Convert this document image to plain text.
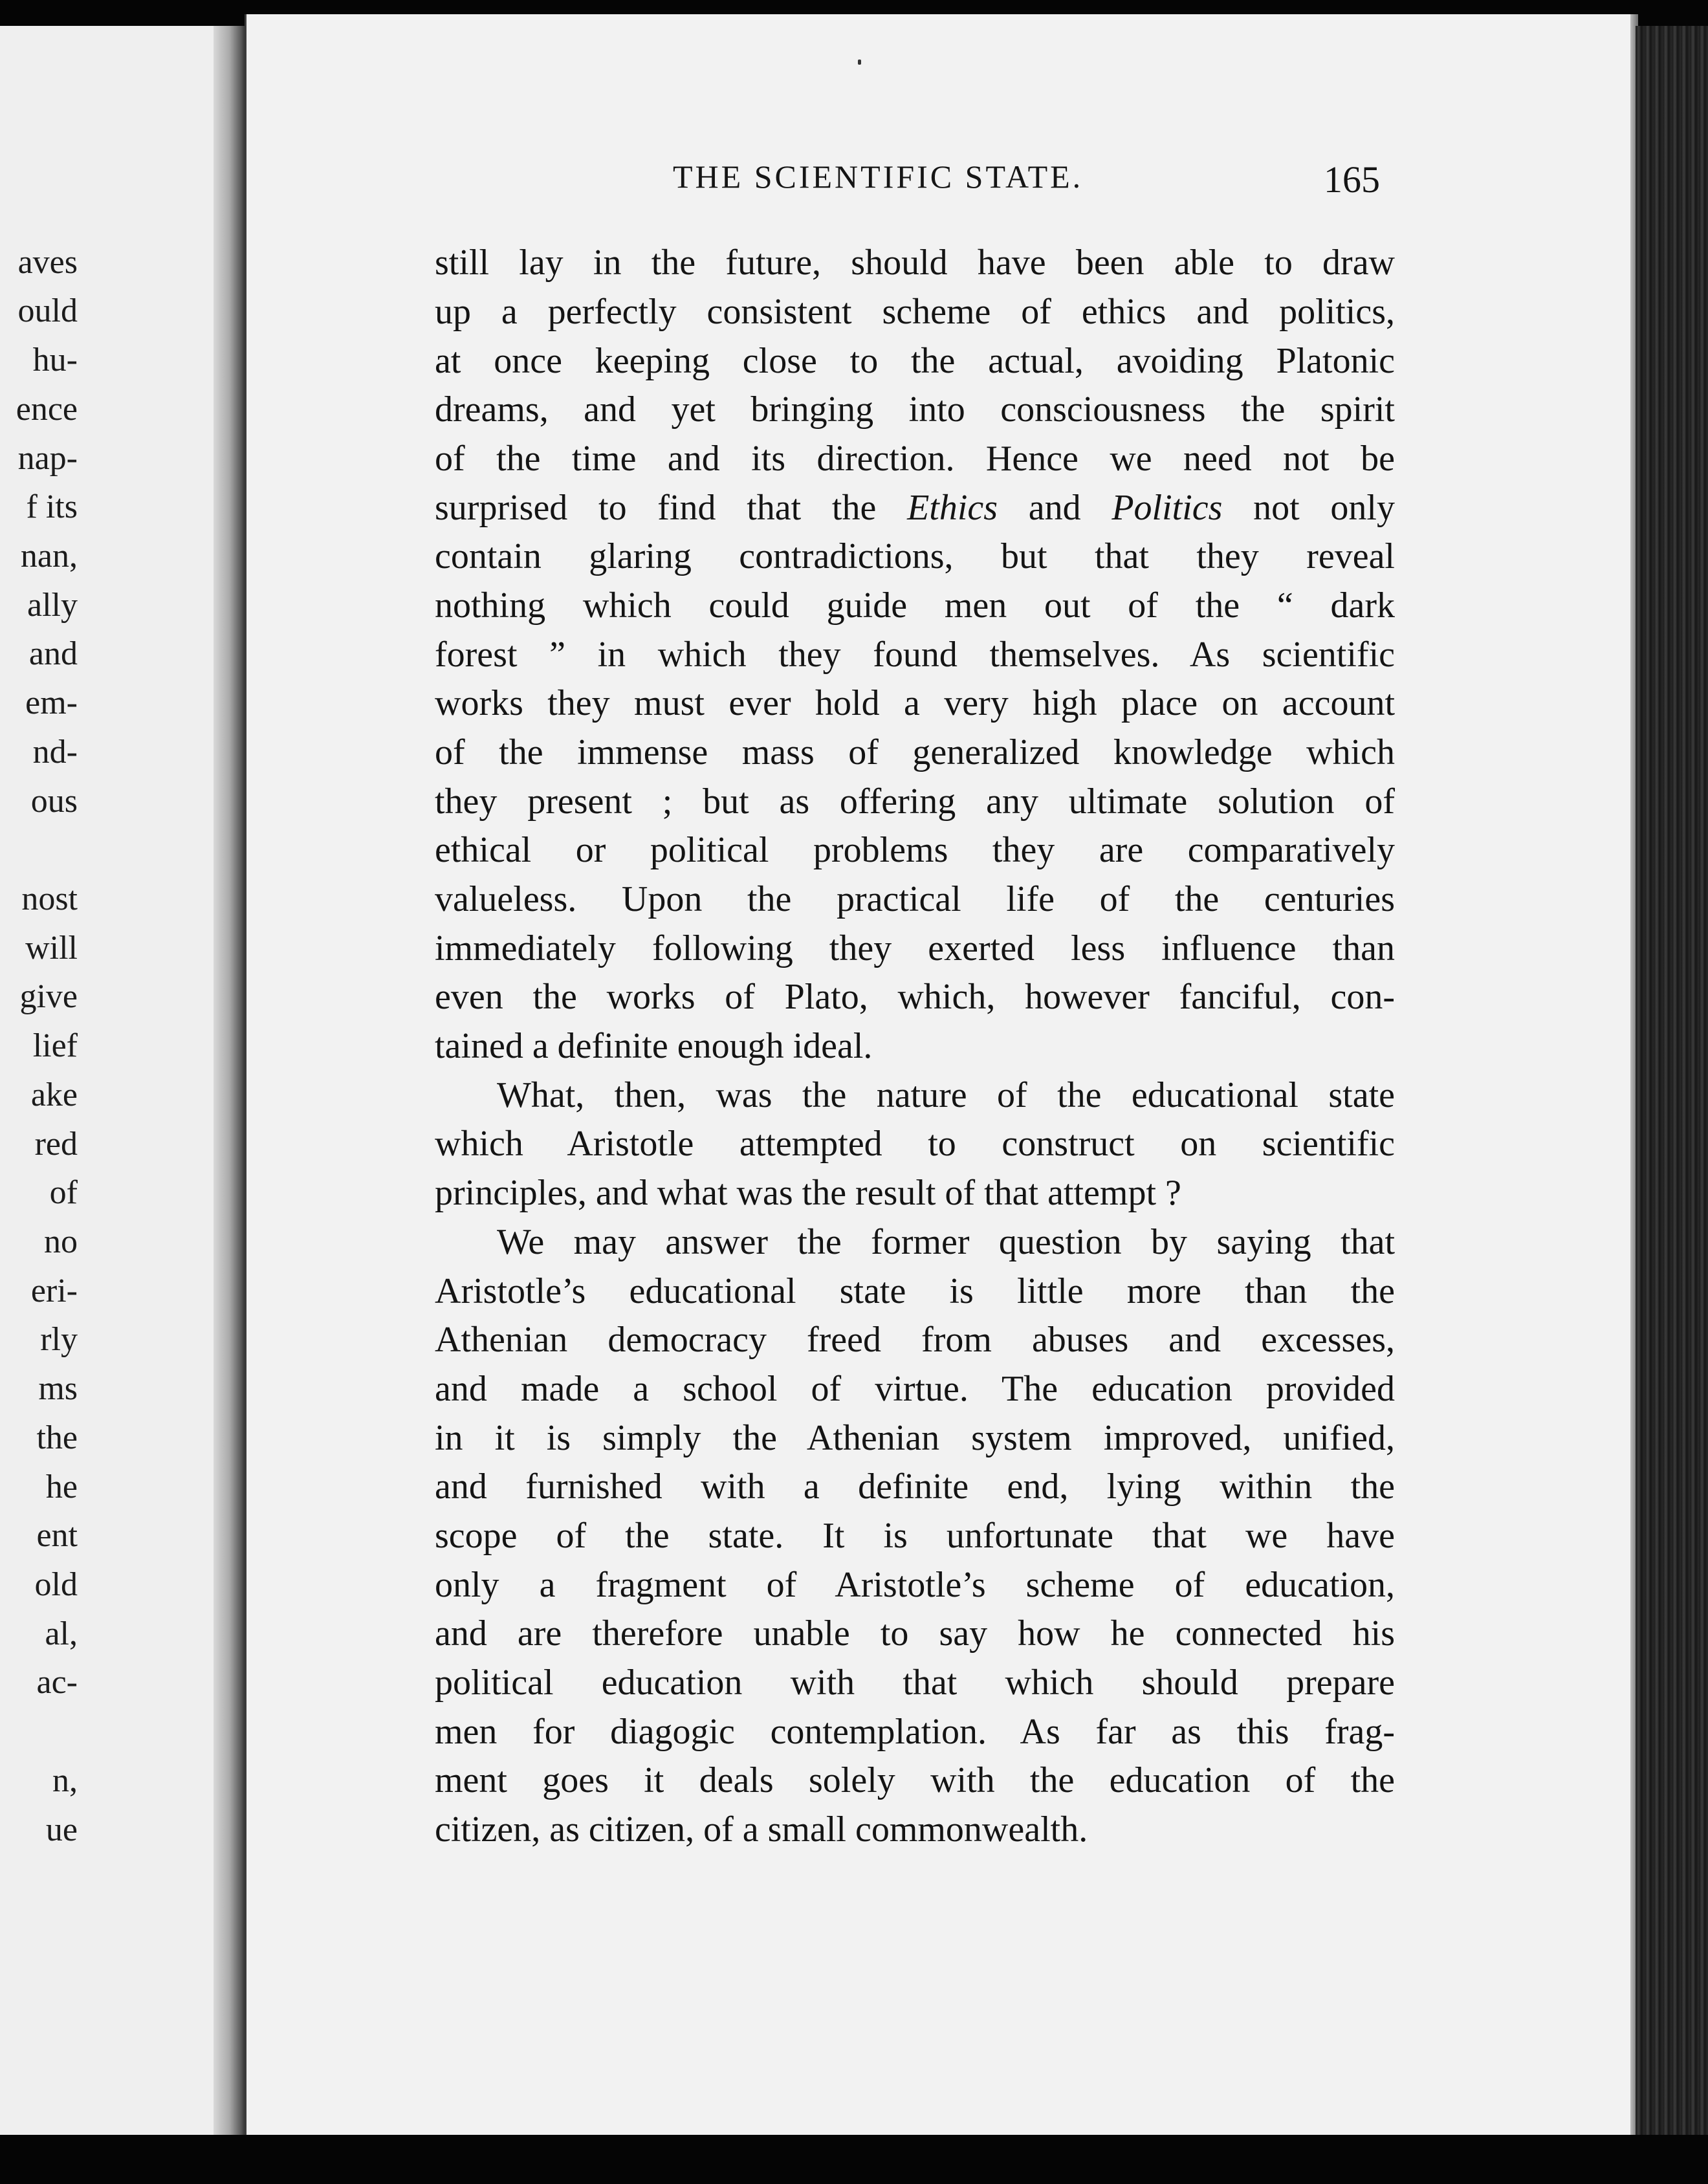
aves
ould
hu-
ence
nap-
f its
nan,
ally
and
em-
nd-
ous
nost
will
give
lief
ake
red
of
no
eri-
rly
ms
the
he
ent
old
al,
ac-
n,
ue
THE SCIENTIFIC STATE.	165
still lay in the future, should have been able to draw
up a perfectly consistent scheme of ethics and politics,
at once keeping close to the actual, avoiding Platonic
dreams, and yet bringing into consciousness the spirit
of the time and its direction. Hence we need not be
surprised to find that the Ethics and Politics not only
contain glaring contradictions, but that they reveal
nothing which could guide men out of the “ dark
forest ” in which they found themselves. As scientific
works they must ever hold a very high place on account
of the immense mass of generalized knowledge which
they present ; but as offering any ultimate solution of
ethical or political problems they are comparatively
valueless. Upon the practical life of the centuries
immediately following they exerted less influence than
even the works of Plato, which, however fanciful, con-
tained a definite enough ideal.
What, then, was the nature of the educational state
which Aristotle attempted to construct on scientific
principles, and what was the result of that attempt ?
We may answer the former question by saying that
Aristotle’s educational state is little more than the
Athenian democracy freed from abuses and excesses,
and made a school of virtue. The education provided
in it is simply the Athenian system improved, unified,
and furnished with a definite end, lying within the
scope of the state. It is unfortunate that we have
only a fragment of Aristotle’s scheme of education,
and are therefore unable to say how he connected his
political education with that which should prepare
men for diagogic contemplation. As far as this frag-
ment goes it deals solely with the education of the
citizen, as citizen, of a small commonwealth.
